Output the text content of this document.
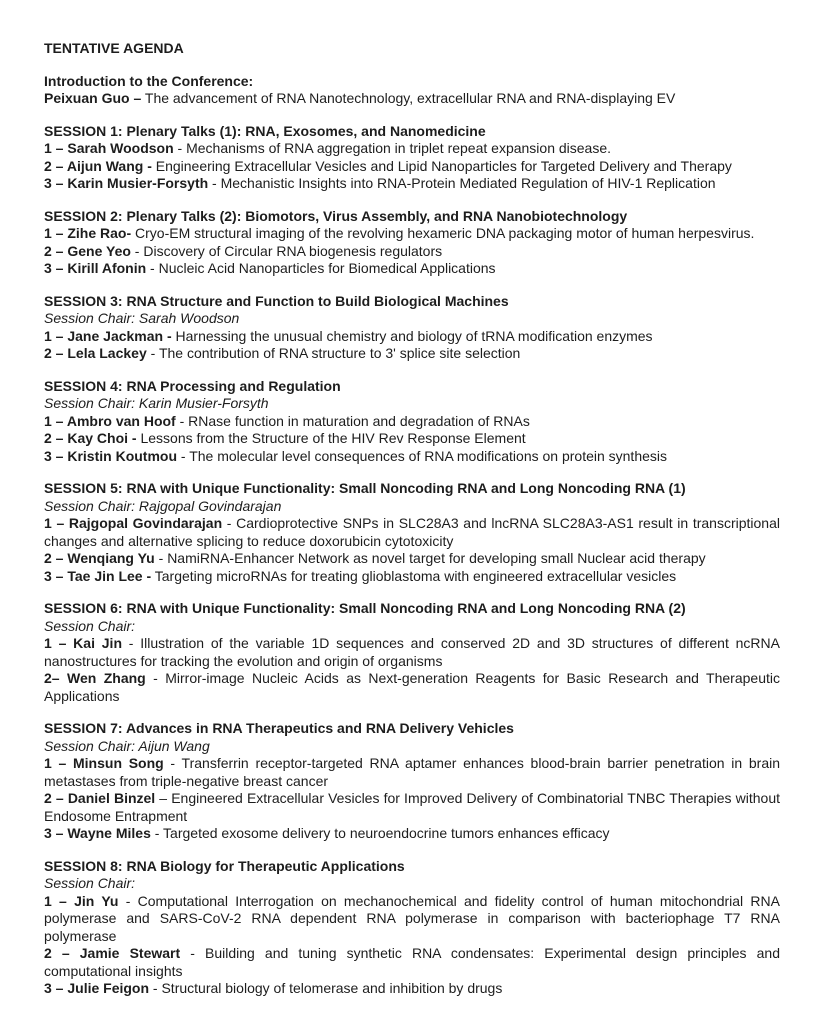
TENTATIVE AGENDA

Introduction to the Conference:

Peixuan Guo – The advancement of RNA Nanotechnology, extracellular RNA and RNA-displaying EV

SESSION 1: Plenary Talks (1): RNA, Exosomes, and Nanomedicine

1 – Sarah Woodson - Mechanisms of RNA aggregation in triplet repeat expansion disease.

2 – Aijun Wang - Engineering Extracellular Vesicles and Lipid Nanoparticles for Targeted Delivery and Therapy

3 – Karin Musier-Forsyth - Mechanistic Insights into RNA-Protein Mediated Regulation of HIV-1 Replication

SESSION 2: Plenary Talks (2): Biomotors, Virus Assembly, and RNA Nanobiotechnology

1 – Zihe Rao- Cryo-EM structural imaging of the revolving hexameric DNA packaging motor of human herpesvirus.

2 – Gene Yeo - Discovery of Circular RNA biogenesis regulators

3 – Kirill Afonin - Nucleic Acid Nanoparticles for Biomedical Applications

SESSION 3: RNA Structure and Function to Build Biological Machines

Session Chair: Sarah Woodson

1 – Jane Jackman - Harnessing the unusual chemistry and biology of tRNA modification enzymes

2 – Lela Lackey - The contribution of RNA structure to 3' splice site selection

SESSION 4: RNA Processing and Regulation

Session Chair: Karin Musier-Forsyth

1 – Ambro van Hoof - RNase function in maturation and degradation of RNAs

2 – Kay Choi - Lessons from the Structure of the HIV Rev Response Element

3 – Kristin Koutmou - The molecular level consequences of RNA modifications on protein synthesis

SESSION 5: RNA with Unique Functionality: Small Noncoding RNA and Long Noncoding RNA (1)

Session Chair: Rajgopal Govindarajan

1 – Rajgopal Govindarajan - Cardioprotective SNPs in SLC28A3 and lncRNA SLC28A3-AS1 result in transcriptional changes and alternative splicing to reduce doxorubicin cytotoxicity

2 – Wenqiang Yu - NamiRNA-Enhancer Network as novel target for developing small Nuclear acid therapy

3 – Tae Jin Lee - Targeting microRNAs for treating glioblastoma with engineered extracellular vesicles

SESSION 6: RNA with Unique Functionality: Small Noncoding RNA and Long Noncoding RNA (2)

Session Chair:

1 – Kai Jin - Illustration of the variable 1D sequences and conserved 2D and 3D structures of different ncRNA nanostructures for tracking the evolution and origin of organisms

2– Wen Zhang - Mirror-image Nucleic Acids as Next-generation Reagents for Basic Research and Therapeutic Applications

SESSION 7: Advances in RNA Therapeutics and RNA Delivery Vehicles

Session Chair: Aijun Wang

1 – Minsun Song - Transferrin receptor-targeted RNA aptamer enhances blood-brain barrier penetration in brain metastases from triple-negative breast cancer

2 – Daniel Binzel – Engineered Extracellular Vesicles for Improved Delivery of Combinatorial TNBC Therapies without Endosome Entrapment

3 – Wayne Miles - Targeted exosome delivery to neuroendocrine tumors enhances efficacy

SESSION 8: RNA Biology for Therapeutic Applications

Session Chair:

1 – Jin Yu - Computational Interrogation on mechanochemical and fidelity control of human mitochondrial RNA polymerase and SARS-CoV-2 RNA dependent RNA polymerase in comparison with bacteriophage T7 RNA polymerase

2 – Jamie Stewart - Building and tuning synthetic RNA condensates: Experimental design principles and computational insights

3 – Julie Feigon - Structural biology of telomerase and inhibition by drugs
